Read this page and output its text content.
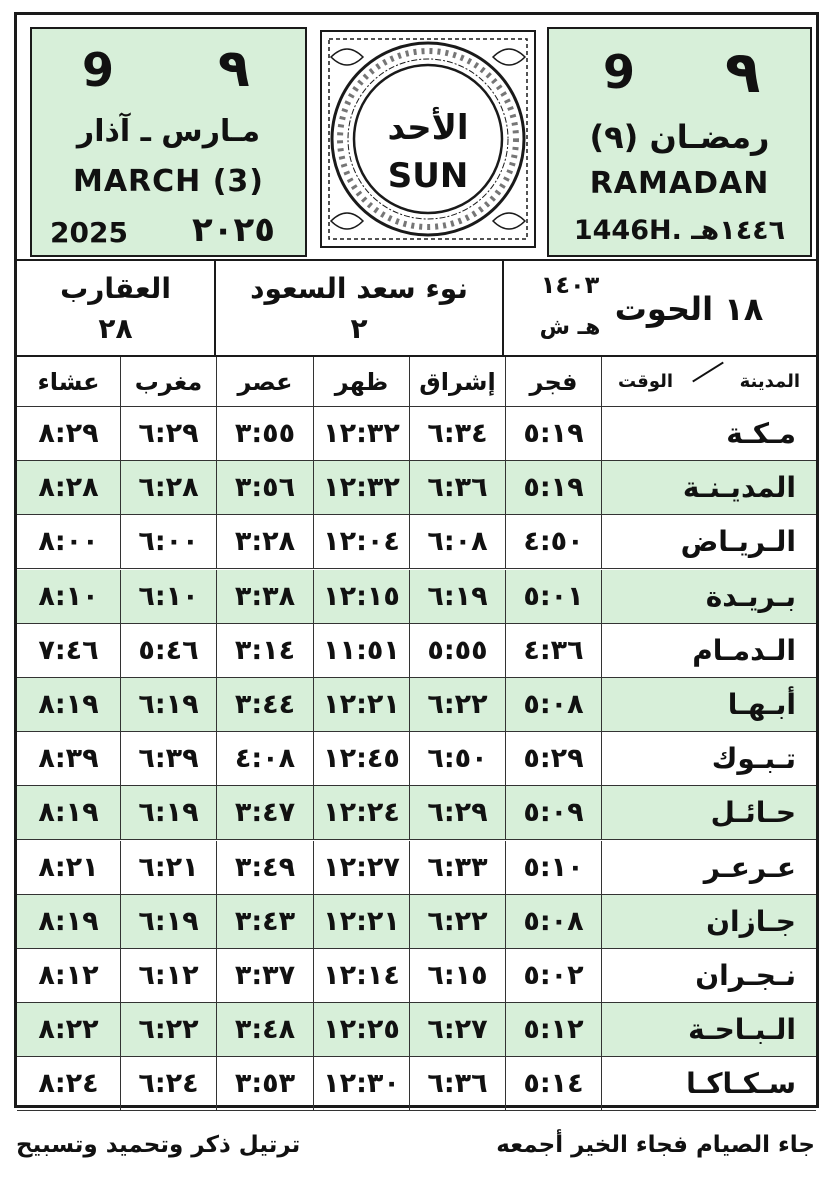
9 ٩
مـارس ـ آذار
MARCH (3)
2025 ٢٠٢٥
الأحد
SUN
9 ٩
رمضـان (٩)
RAMADAN
1446H. ١٤٤٦هـ
العقارب
٢٨
نوء سعد السعود
٢
١٤٠٣
هـ ش ١٨ الحوت
عشاء	مغرب	عصر	ظهر	إشراق	فجر	الوقت	المدينة
٨:٢٩	٦:٢٩	٣:٥٥	١٢:٣٢	٦:٣٤	٥:١٩	مـكـة
٨:٢٨	٦:٢٨	٣:٥٦	١٢:٣٢	٦:٣٦	٥:١٩	المديـنـة
٨:٠٠	٦:٠٠	٣:٢٨	١٢:٠٤	٦:٠٨	٤:٥٠	الـريـاض
٨:١٠	٦:١٠	٣:٣٨	١٢:١٥	٦:١٩	٥:٠١	بـريـدة
٧:٤٦	٥:٤٦	٣:١٤	١١:٥١	٥:٥٥	٤:٣٦	الـدمـام
٨:١٩	٦:١٩	٣:٤٤	١٢:٢١	٦:٢٢	٥:٠٨	أبـهـا
٨:٣٩	٦:٣٩	٤:٠٨	١٢:٤٥	٦:٥٠	٥:٢٩	تـبـوك
٨:١٩	٦:١٩	٣:٤٧	١٢:٢٤	٦:٢٩	٥:٠٩	حـائـل
٨:٢١	٦:٢١	٣:٤٩	١٢:٢٧	٦:٣٣	٥:١٠	عـرعـر
٨:١٩	٦:١٩	٣:٤٣	١٢:٢١	٦:٢٢	٥:٠٨	جـازان
٨:١٢	٦:١٢	٣:٣٧	١٢:١٤	٦:١٥	٥:٠٢	نـجـران
٨:٢٢	٦:٢٢	٣:٤٨	١٢:٢٥	٦:٢٧	٥:١٢	الـبـاحـة
٨:٢٤	٦:٢٤	٣:٥٣	١٢:٣٠	٦:٣٦	٥:١٤	سـكـاكـا
جاء الصيام فجاء الخير أجمعه
ترتيل ذكر وتحميد وتسبيح
